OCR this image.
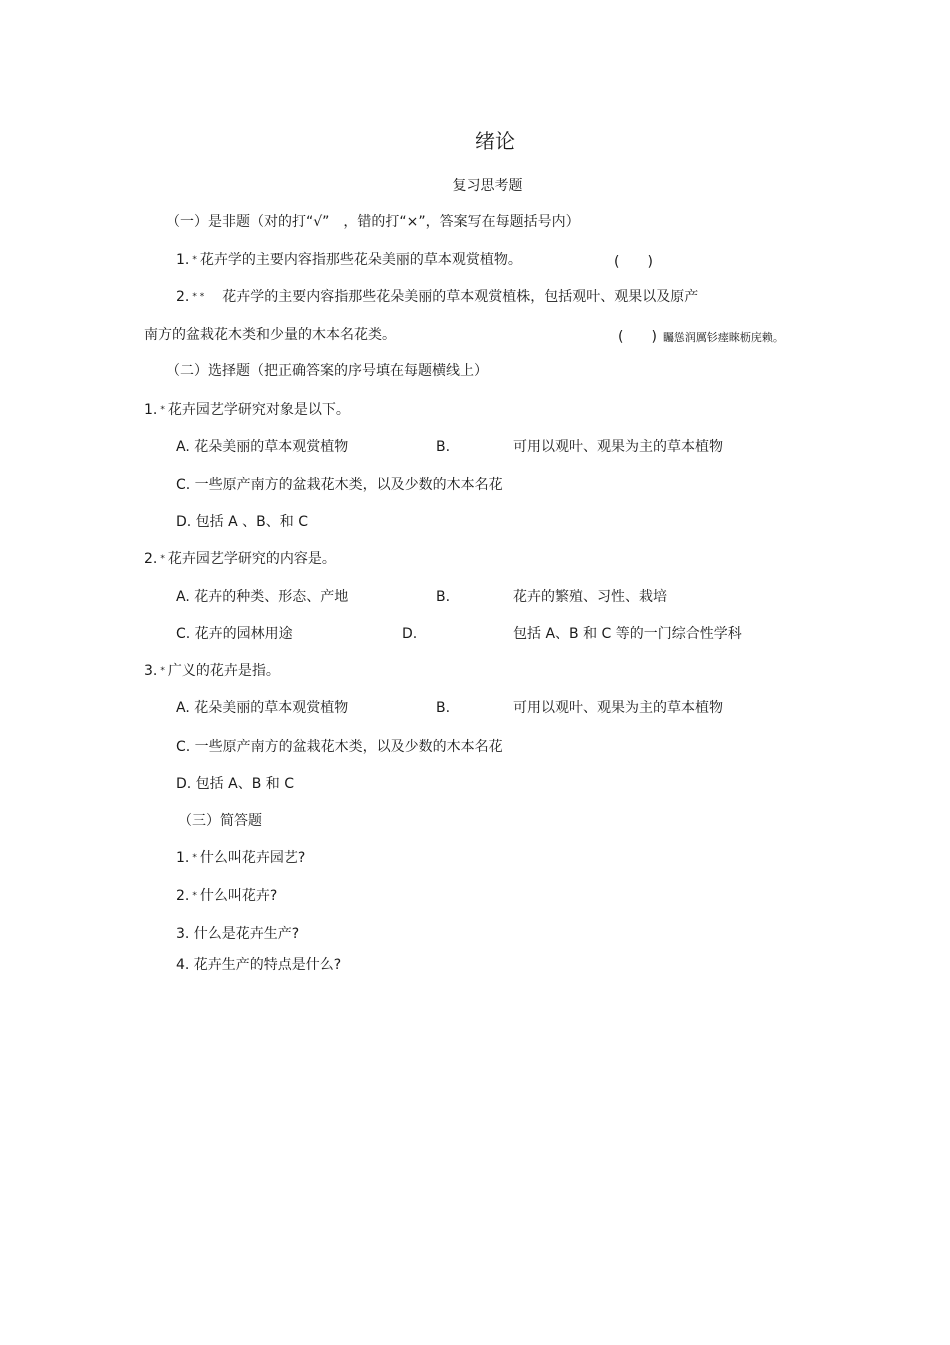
绪论
复习思考题
（一）是非题（对的打“√”　，错的打“×”，答案写在每题括号内）
1. * 花卉学的主要内容指那些花朵美丽的草本观赏植物。	(　　)
2. * * 花卉学的主要内容指那些花朵美丽的草本观赏植株，包括观叶、观果以及原产
南方的盆栽花木类和少量的木本名花类。	(　　) 矚慫润厲钐瘗睞枥庑赖。
（二）选择题（把正确答案的序号填在每题横线上）
1. * 花卉园艺学研究对象是以下。
A. 花朵美丽的草本观赏植物	B.	可用以观叶、观果为主的草本植物
C. 一些原产南方的盆栽花木类，以及少数的木本名花
D. 包括 A 、B、和 C
2. * 花卉园艺学研究的内容是。
A. 花卉的种类、形态、产地	B.	花卉的繁殖、习性、栽培
C. 花卉的园林用途	D.	包括 A、B 和 C 等的一门综合性学科
3. * 广义的花卉是指。
A. 花朵美丽的草本观赏植物	B.	可用以观叶、观果为主的草本植物
C. 一些原产南方的盆栽花木类，以及少数的木本名花
D. 包括 A、B 和 C
（三）简答题
1. * 什么叫花卉园艺?
2. * 什么叫花卉?
3. 什么是花卉生产?
4. 花卉生产的特点是什么?
